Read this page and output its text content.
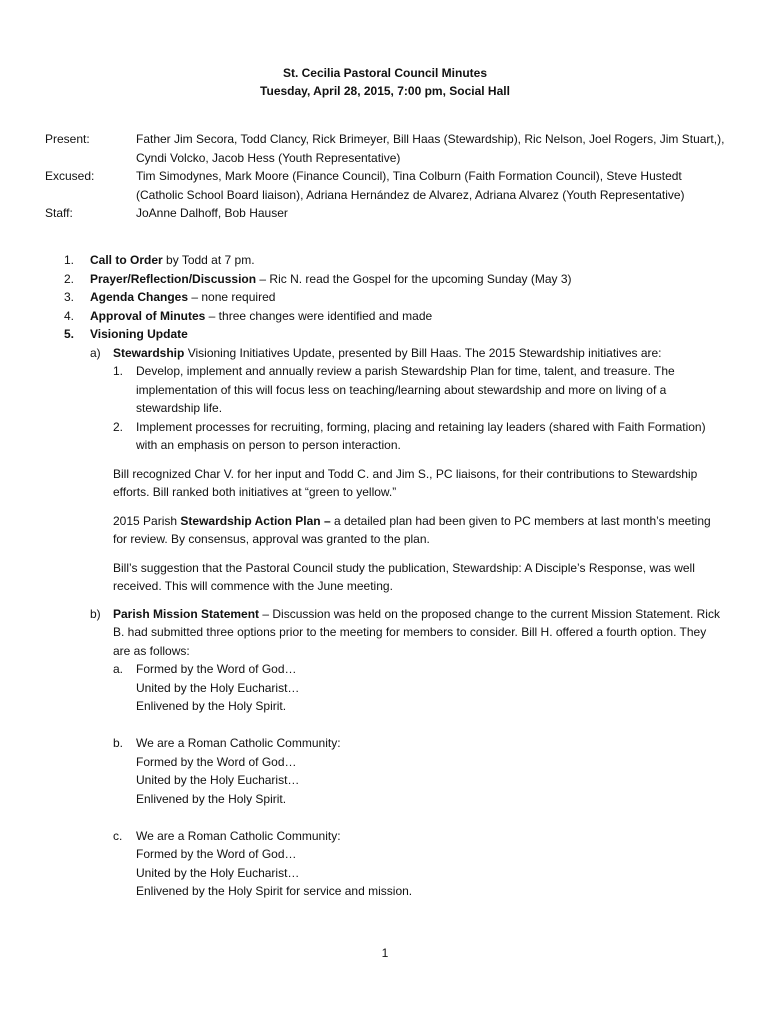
St. Cecilia Pastoral Council Minutes
Tuesday, April 28, 2015, 7:00 pm, Social Hall
Present:	Father Jim Secora, Todd Clancy, Rick Brimeyer, Bill Haas (Stewardship), Ric Nelson, Joel Rogers, Jim Stuart,), Cyndi Volcko, Jacob Hess (Youth Representative)
Excused:	Tim Simodynes, Mark Moore (Finance Council), Tina Colburn (Faith Formation Council), Steve Hustedt (Catholic School Board liaison), Adriana Hernández de Alvarez, Adriana Alvarez (Youth Representative)
Staff:	JoAnne Dalhoff, Bob Hauser
1.	Call to Order by Todd at 7 pm.
2.	Prayer/Reflection/Discussion – Ric N. read the Gospel for the upcoming Sunday (May 3)
3.	Agenda Changes – none required
4.	Approval of Minutes – three changes were identified and made
5.	Visioning Update
a)	Stewardship Visioning Initiatives Update, presented by Bill Haas. The 2015 Stewardship initiatives are:
1.	Develop, implement and annually review a parish Stewardship Plan for time, talent, and treasure. The implementation of this will focus less on teaching/learning about stewardship and more on living of a stewardship life.
2.	Implement processes for recruiting, forming, placing and retaining lay leaders (shared with Faith Formation) with an emphasis on person to person interaction.
Bill recognized Char V. for her input and Todd C. and Jim S., PC liaisons, for their contributions to Stewardship efforts. Bill ranked both initiatives at “green to yellow.”
2015 Parish Stewardship Action Plan – a detailed plan had been given to PC members at last month’s meeting for review. By consensus, approval was granted to the plan.
Bill’s suggestion that the Pastoral Council study the publication, Stewardship: A Disciple’s Response, was well received. This will commence with the June meeting.
b)	Parish Mission Statement – Discussion was held on the proposed change to the current Mission Statement. Rick B. had submitted three options prior to the meeting for members to consider. Bill H. offered a fourth option. They are as follows:
a.	Formed by the Word of God…
United by the Holy Eucharist…
Enlivened by the Holy Spirit.
b.	We are a Roman Catholic Community:
Formed by the Word of God…
United by the Holy Eucharist…
Enlivened by the Holy Spirit.
c.	We are a Roman Catholic Community:
Formed by the Word of God…
United by the Holy Eucharist…
Enlivened by the Holy Spirit for service and mission.
1
